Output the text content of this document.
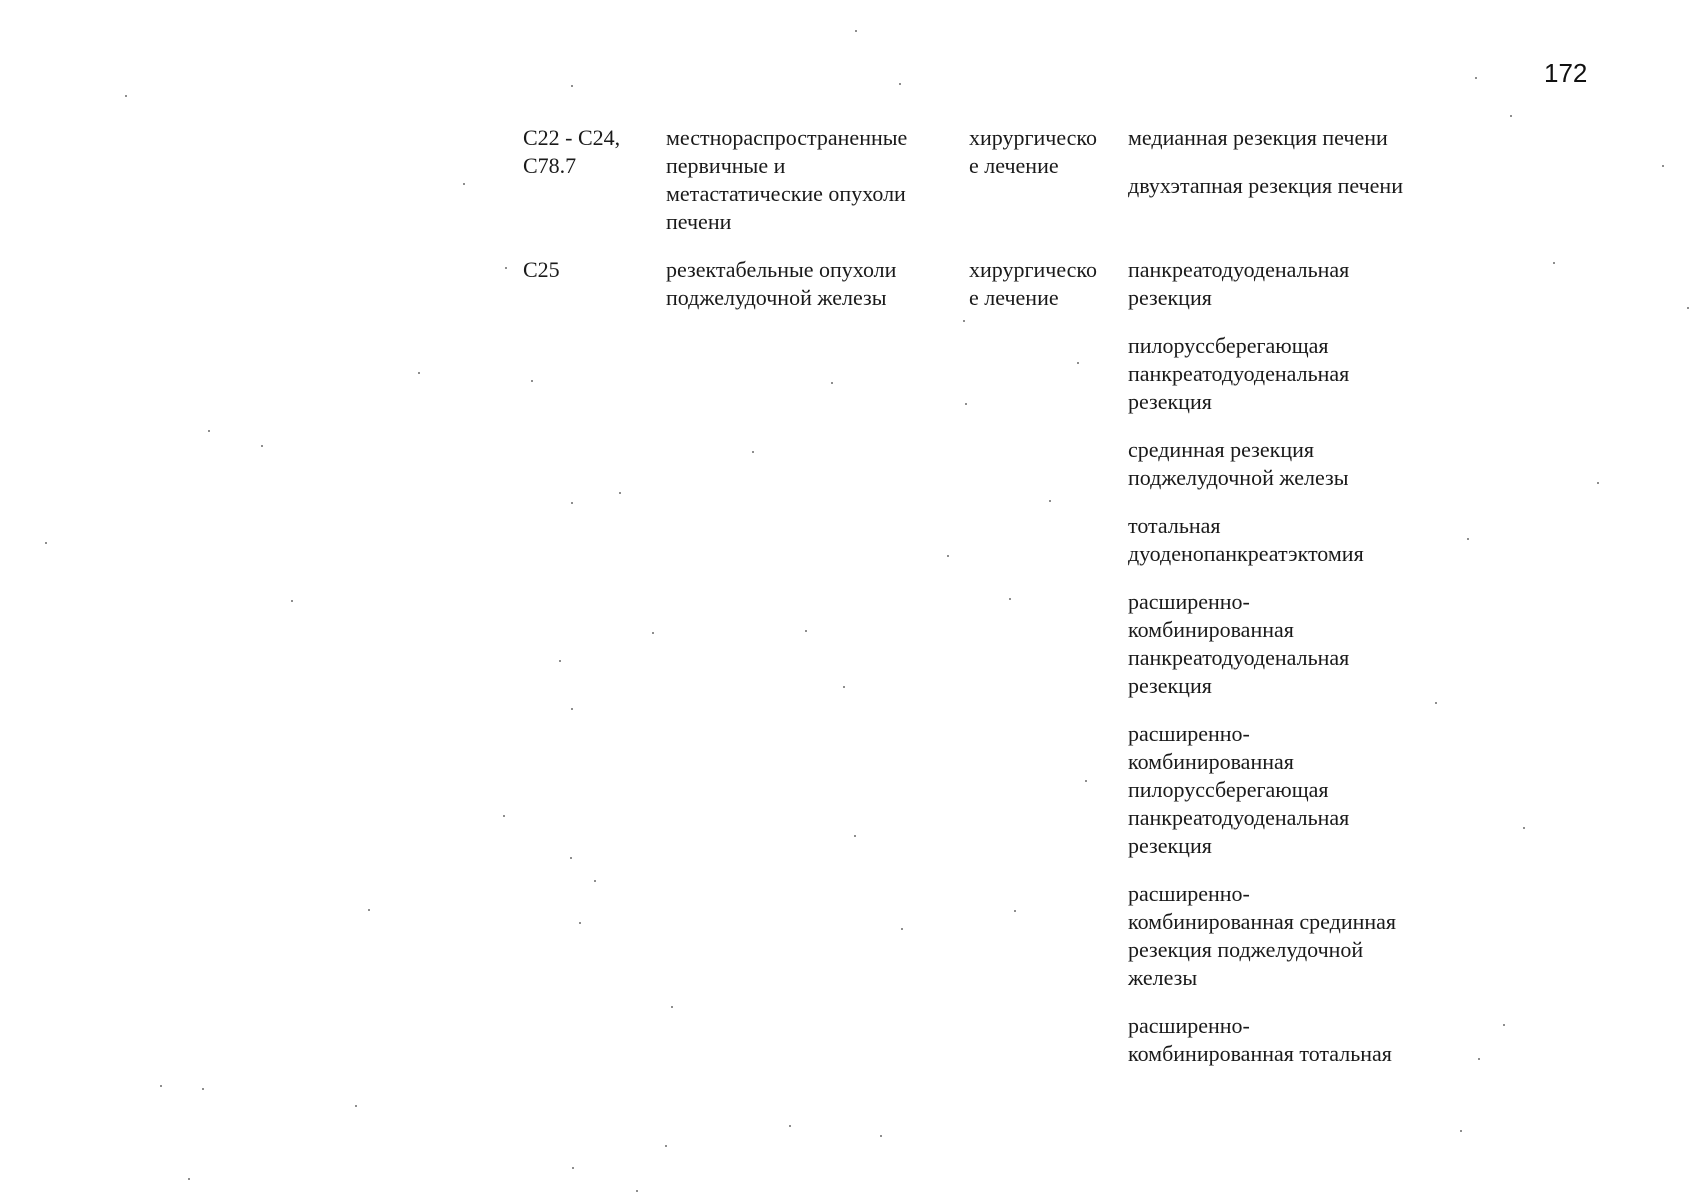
172
C22 - C24,
C78.7
местнораспространенные
первичные и
метастатические опухоли
печени
хирургическо
е лечение
медианная резекция печени
двухэтапная резекция печени
C25	резектабельные опухоли
поджелудочной железы
хирургическо
е лечение
панкреатодуоденальная
резекция
пилоруссберегающая
панкреатодуоденальная
резекция
срединная резекция
поджелудочной железы
тотальная
дуоденопанкреатэктомия
расширенно-
комбинированная
панкреатодуоденальная
резекция
расширенно-
комбинированная
пилоруссберегающая
панкреатодуоденальная
резекция
расширенно-
комбинированная срединная
резекция поджелудочной
железы
расширенно-
комбинированная тотальная
